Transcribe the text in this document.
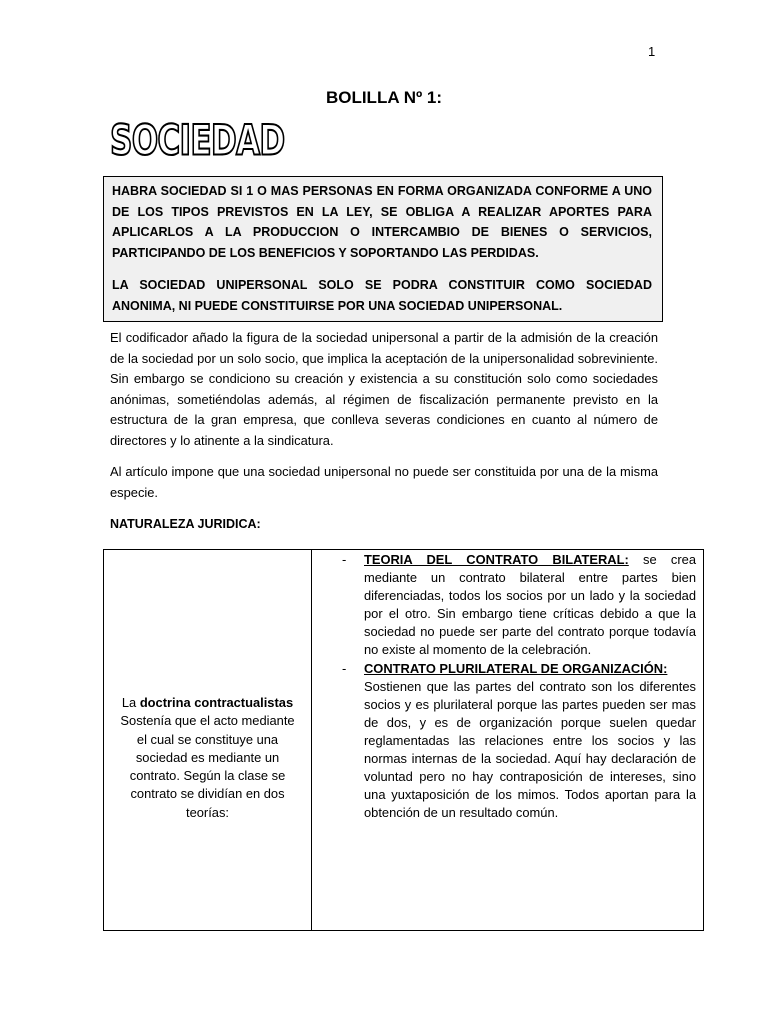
1
BOLILLA Nº 1:
SOCIEDAD

HABRA SOCIEDAD SI 1 O MAS PERSONAS EN FORMA ORGANIZADA CONFORME A UNO DE LOS TIPOS PREVISTOS EN LA LEY, SE OBLIGA A REALIZAR APORTES PARA APLICARLOS A LA PRODUCCION O INTERCAMBIO DE BIENES O SERVICIOS, PARTICIPANDO DE LOS BENEFICIOS Y SOPORTANDO LAS PERDIDAS.

LA SOCIEDAD UNIPERSONAL SOLO SE PODRA CONSTITUIR COMO SOCIEDAD ANONIMA, NI PUEDE CONSTITUIRSE POR UNA SOCIEDAD UNIPERSONAL.

El codificador añado la figura de la sociedad unipersonal a partir de la admisión de la creación de la sociedad por un solo socio, que implica la aceptación de la unipersonalidad sobreviniente. Sin embargo se condiciono su creación y existencia a su constitución solo como sociedades anónimas, sometiéndolas además, al régimen de fiscalización permanente previsto en la estructura de la gran empresa, que conlleva severas condiciones en cuanto al número de directores y lo atinente a la sindicatura.

Al artículo impone que una sociedad unipersonal no puede ser constituida por una de la misma especie.

NATURALEZA JURIDICA:

La doctrina contractualistas Sostenía que el acto mediante el cual se constituye una sociedad es mediante un contrato. Según la clase se contrato se dividían en dos teorías:

- TEORIA DEL CONTRATO BILATERAL: se crea mediante un contrato bilateral entre partes bien diferenciadas, todos los socios por un lado y la sociedad por el otro. Sin embargo tiene críticas debido a que la sociedad no puede ser parte del contrato porque todavía no existe al momento de la celebración.
- CONTRATO PLURILATERAL DE ORGANIZACIÓN:
Sostienen que las partes del contrato son los diferentes socios y es plurilateral porque las partes pueden ser mas de dos, y es de organización porque suelen quedar reglamentadas las relaciones entre los socios y las normas internas de la sociedad. Aquí hay declaración de voluntad pero no hay contraposición de intereses, sino una yuxtaposición de los mimos. Todos aportan para la obtención de un resultado común.
